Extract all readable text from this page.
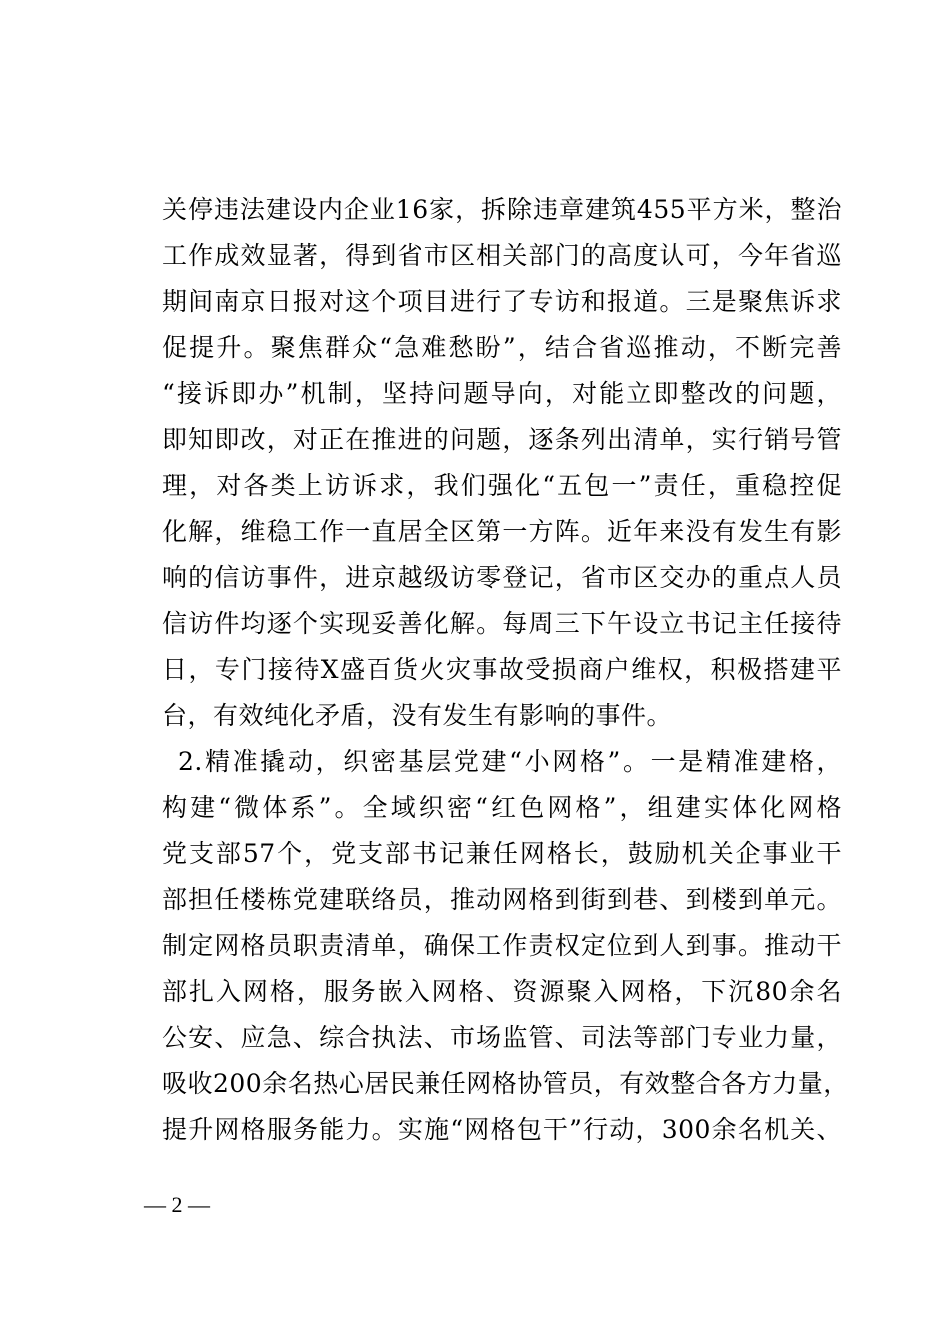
关停违法建设内企业16家，拆除违章建筑455平方米，整治
工作成效显著，得到省市区相关部门的高度认可，今年省巡
期间南京日报对这个项目进行了专访和报道。三是聚焦诉求
促提升。聚焦群众“急难愁盼”，结合省巡推动，不断完善
“接诉即办”机制，坚持问题导向，对能立即整改的问题，
即知即改，对正在推进的问题，逐条列出清单，实行销号管
理，对各类上访诉求，我们强化“五包一”责任，重稳控促
化解，维稳工作一直居全区第一方阵。近年来没有发生有影
响的信访事件，进京越级访零登记，省市区交办的重点人员
信访件均逐个实现妥善化解。每周三下午设立书记主任接待
日，专门接待X盛百货火灾事故受损商户维权，积极搭建平
台，有效纯化矛盾，没有发生有影响的事件。
2.精准撬动，织密基层党建“小网格”。一是精准建格，
构建“微体系”。全域织密“红色网格”，组建实体化网格
党支部57个，党支部书记兼任网格长，鼓励机关企事业干
部担任楼栋党建联络员，推动网格到街到巷、到楼到单元。
制定网格员职责清单，确保工作责权定位到人到事。推动干
部扎入网格，服务嵌入网格、资源聚入网格，下沉80余名
公安、应急、综合执法、市场监管、司法等部门专业力量，
吸收200余名热心居民兼任网格协管员，有效整合各方力量，
提升网格服务能力。实施“网格包干”行动，300余名机关、
— 2 —
